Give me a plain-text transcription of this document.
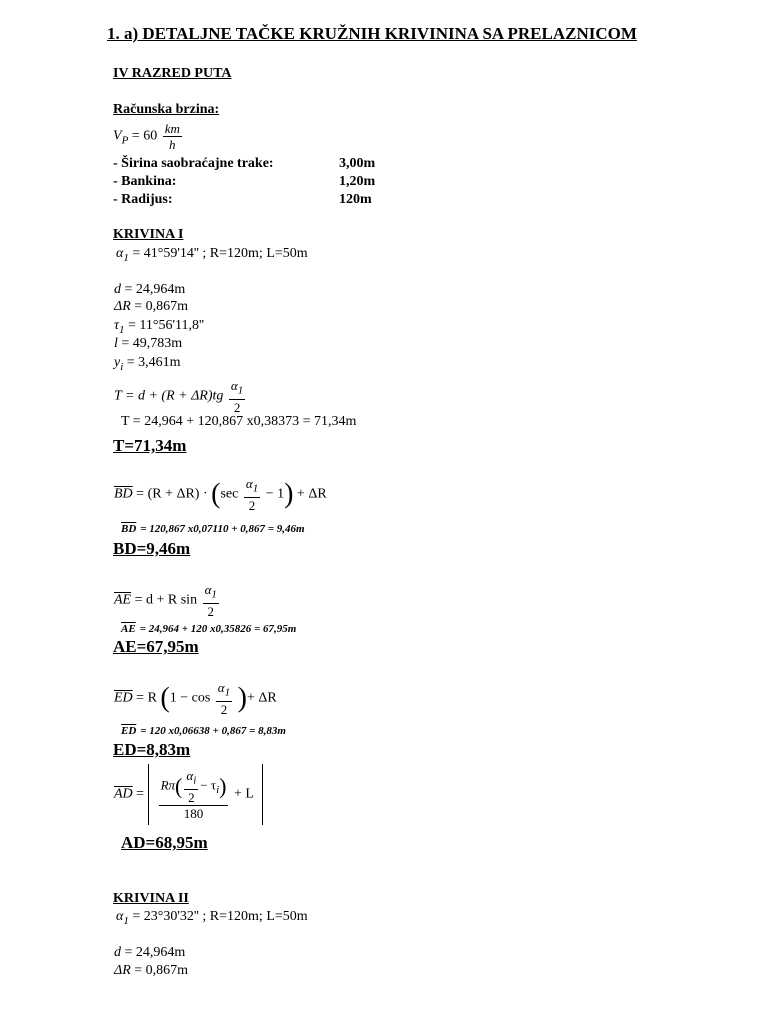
1. a) DETALJNE TAČKE KRUŽNIH KRIVININA SA PRELAZNICOM
IV RAZRED PUTA
Računska brzina:
$V_P = 60 \frac{km}{h}$
- Širina saobraćajne trake:	3,00m
- Bankina:	1,20m
- Radijus:	120m
KRIVINA I
$\alpha_1 = 41^\circ 59'14''$ ; R=120m; L=50m
d = 24,964m
ΔR = 0,867m
$\tau_1 = 11^\circ 56'11,8''$
l = 49,783m
$y_i = 3,461m$
$T = d + (R + \Delta R)tg \frac{\alpha_1}{2}$
T = 24,964 + 120,867 x0,38373 = 71,34m
T=71,34m
$\overline{BD} = (R + \Delta R) \cdot (\sec \frac{\alpha_1}{2} - 1) + \Delta R$
$\overline{BD} = 120,867$ x0,07110 + 0,867 = 9,46m
BD=9,46m
$\overline{AE} = d + R$ $\sin \frac{\alpha_1}{2}$
$\overline{AE} = 24,964 + 120$ x0,35826 = 67,95m
AE=67,95m
$\overline{ED} = R$ ($1 - \cos \frac{\alpha_1}{2}$ )+ ΔR
$\overline{ED} = 120$ x0,06638 + 0,867 = 8,83m
ED=8,83m
$\overline{AD} = \frac{R\pi( \frac{\alpha_i}{2} - \tau_i)}{180} + L$
AD=68,95m
KRIVINA II
$\alpha_1 = 23^\circ 30'32''$ ; R=120m; L=50m
d = 24,964m
ΔR = 0,867m
